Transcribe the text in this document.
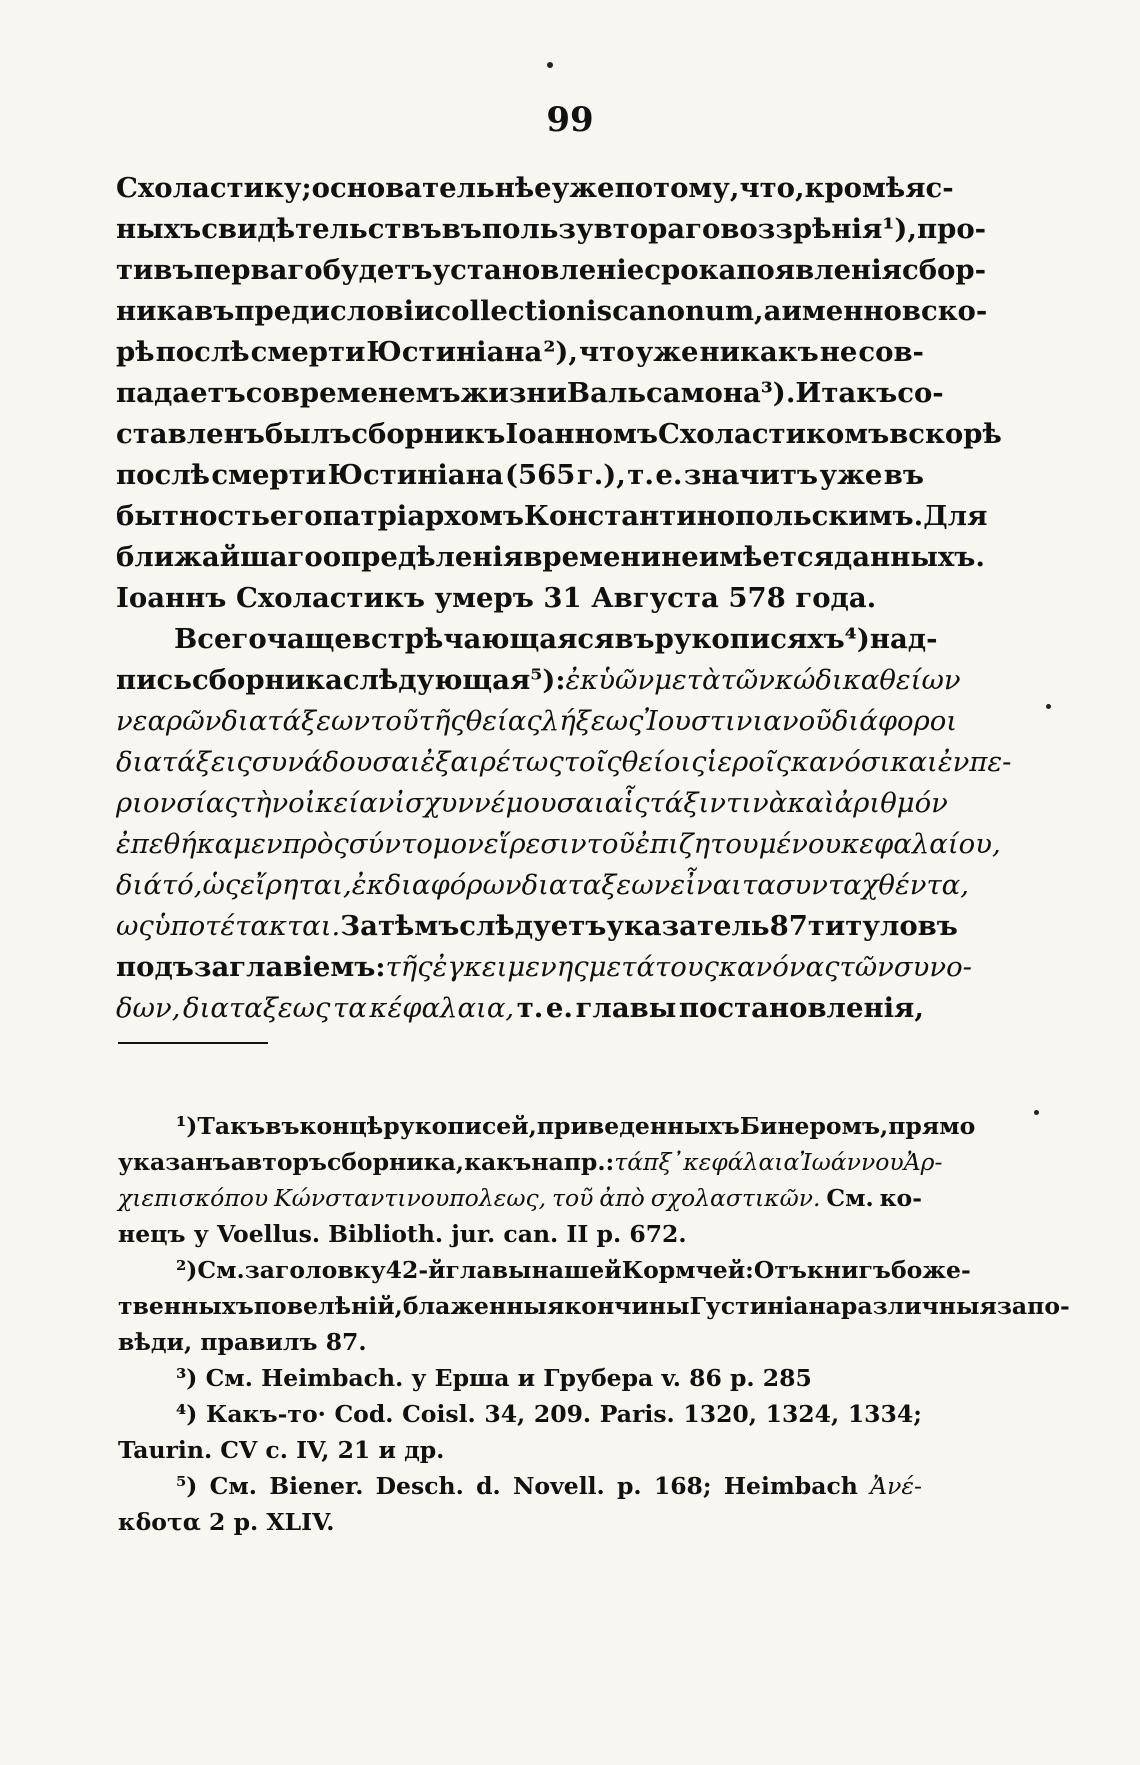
99
Схоластику; основательнѣе уже потому, что, кромѣ яс-
ныхъ свидѣтельствъ въ пользу втораго воззрѣнія ¹), про-
тивъ перваго будетъ установленіе срока появленія сбор-
ника въ предисловіи collectionis canonum, а именно вско-
рѣ послѣ смерти Юстиніана ²), что уже никакъ не сов-
падаетъ со временемъ жизни Вальсамона ³). Итакъ со-
ставленъ былъ сборникъ Іоанномъ Схоластикомъ вскорѣ
послѣ смерти Юстиніана (565 г.), т. е. значитъ уже въ
бытность его патріархомъ Константинопольскимъ. Для
ближайшаго опредѣленія времени не имѣется данныхъ.
Іоаннъ Схоластикъ умеръ 31 Августа 578 года.
Всего чаще встрѣчающаяся въ рукописяхъ ⁴) над-
пись сборника слѣдующая⁵): ἐκ ὑῶν μετὰ τῶν κώδικα θείων
νεαρῶν διατάξεων τοῦ τῆς θείας λήξεως Ἰουστινιανοῦ διάφοροι
διατάξεις συνάδουσαι ἐξαιρέτως τοῖς θείοις ἱεροῖς κανόσι και ἐν πε-
ριονσίας τὴν οἰκείαν ἰσχυν νέμουσαι αἷς τάξιν τινὰ καὶ ἀριθμόν
ἐπεθήκαμεν πρὸς σύντομον εἵρεσιν τοῦ ἐπιζητουμένου κεφαλαίου,
διά τό, ὡς εἴρηται, ἐκ διαφόρων διαταξεων εἶναι τα συνταχθέντα,
ως ὑποτέτακται. За тѣмъ слѣдуетъ указатель 87 титуловъ
подъ заглавіемъ: τῆς ἐγκειμενης μετά τους κανόνας τῶν συνο-
δων, διαταξεως τα κέφαλαια, т. е. главы постановленія,
¹) Такъ въ концѣ рукописей, приведенныхъ Бинеромъ, прямо
указанъ авторъ сборника, какъ напр.: τάπξ᾽ κεφάλαια Ἰωάννου Ἀρ-
χιεπισκόπου Κώνσταντινουπολεως, τοῦ ἀπὸ σχολαστικῶν. См. ко-
нецъ у Voellus. Biblioth. jur. can. II p. 672.
²) См. заголовку 42-й главы нашей Кормчей: Отъ книгъ боже-
твенныхъ повелѣній, блаженныя кончины Густиніана различныя запо-
вѣди, правилъ 87.
³) См. Heimbach. у Ерша и Грубера v. 86 p. 285
⁴) Какъ-то· Cod. Coisl. 34, 209. Paris. 1320, 1324, 1334;
Taurin. CV c. IV, 21 и др.
⁵) См. Biener. Desch. d. Novell. p. 168; Heimbach Ἀνέ-
κδοτα 2 p. XLIV.
